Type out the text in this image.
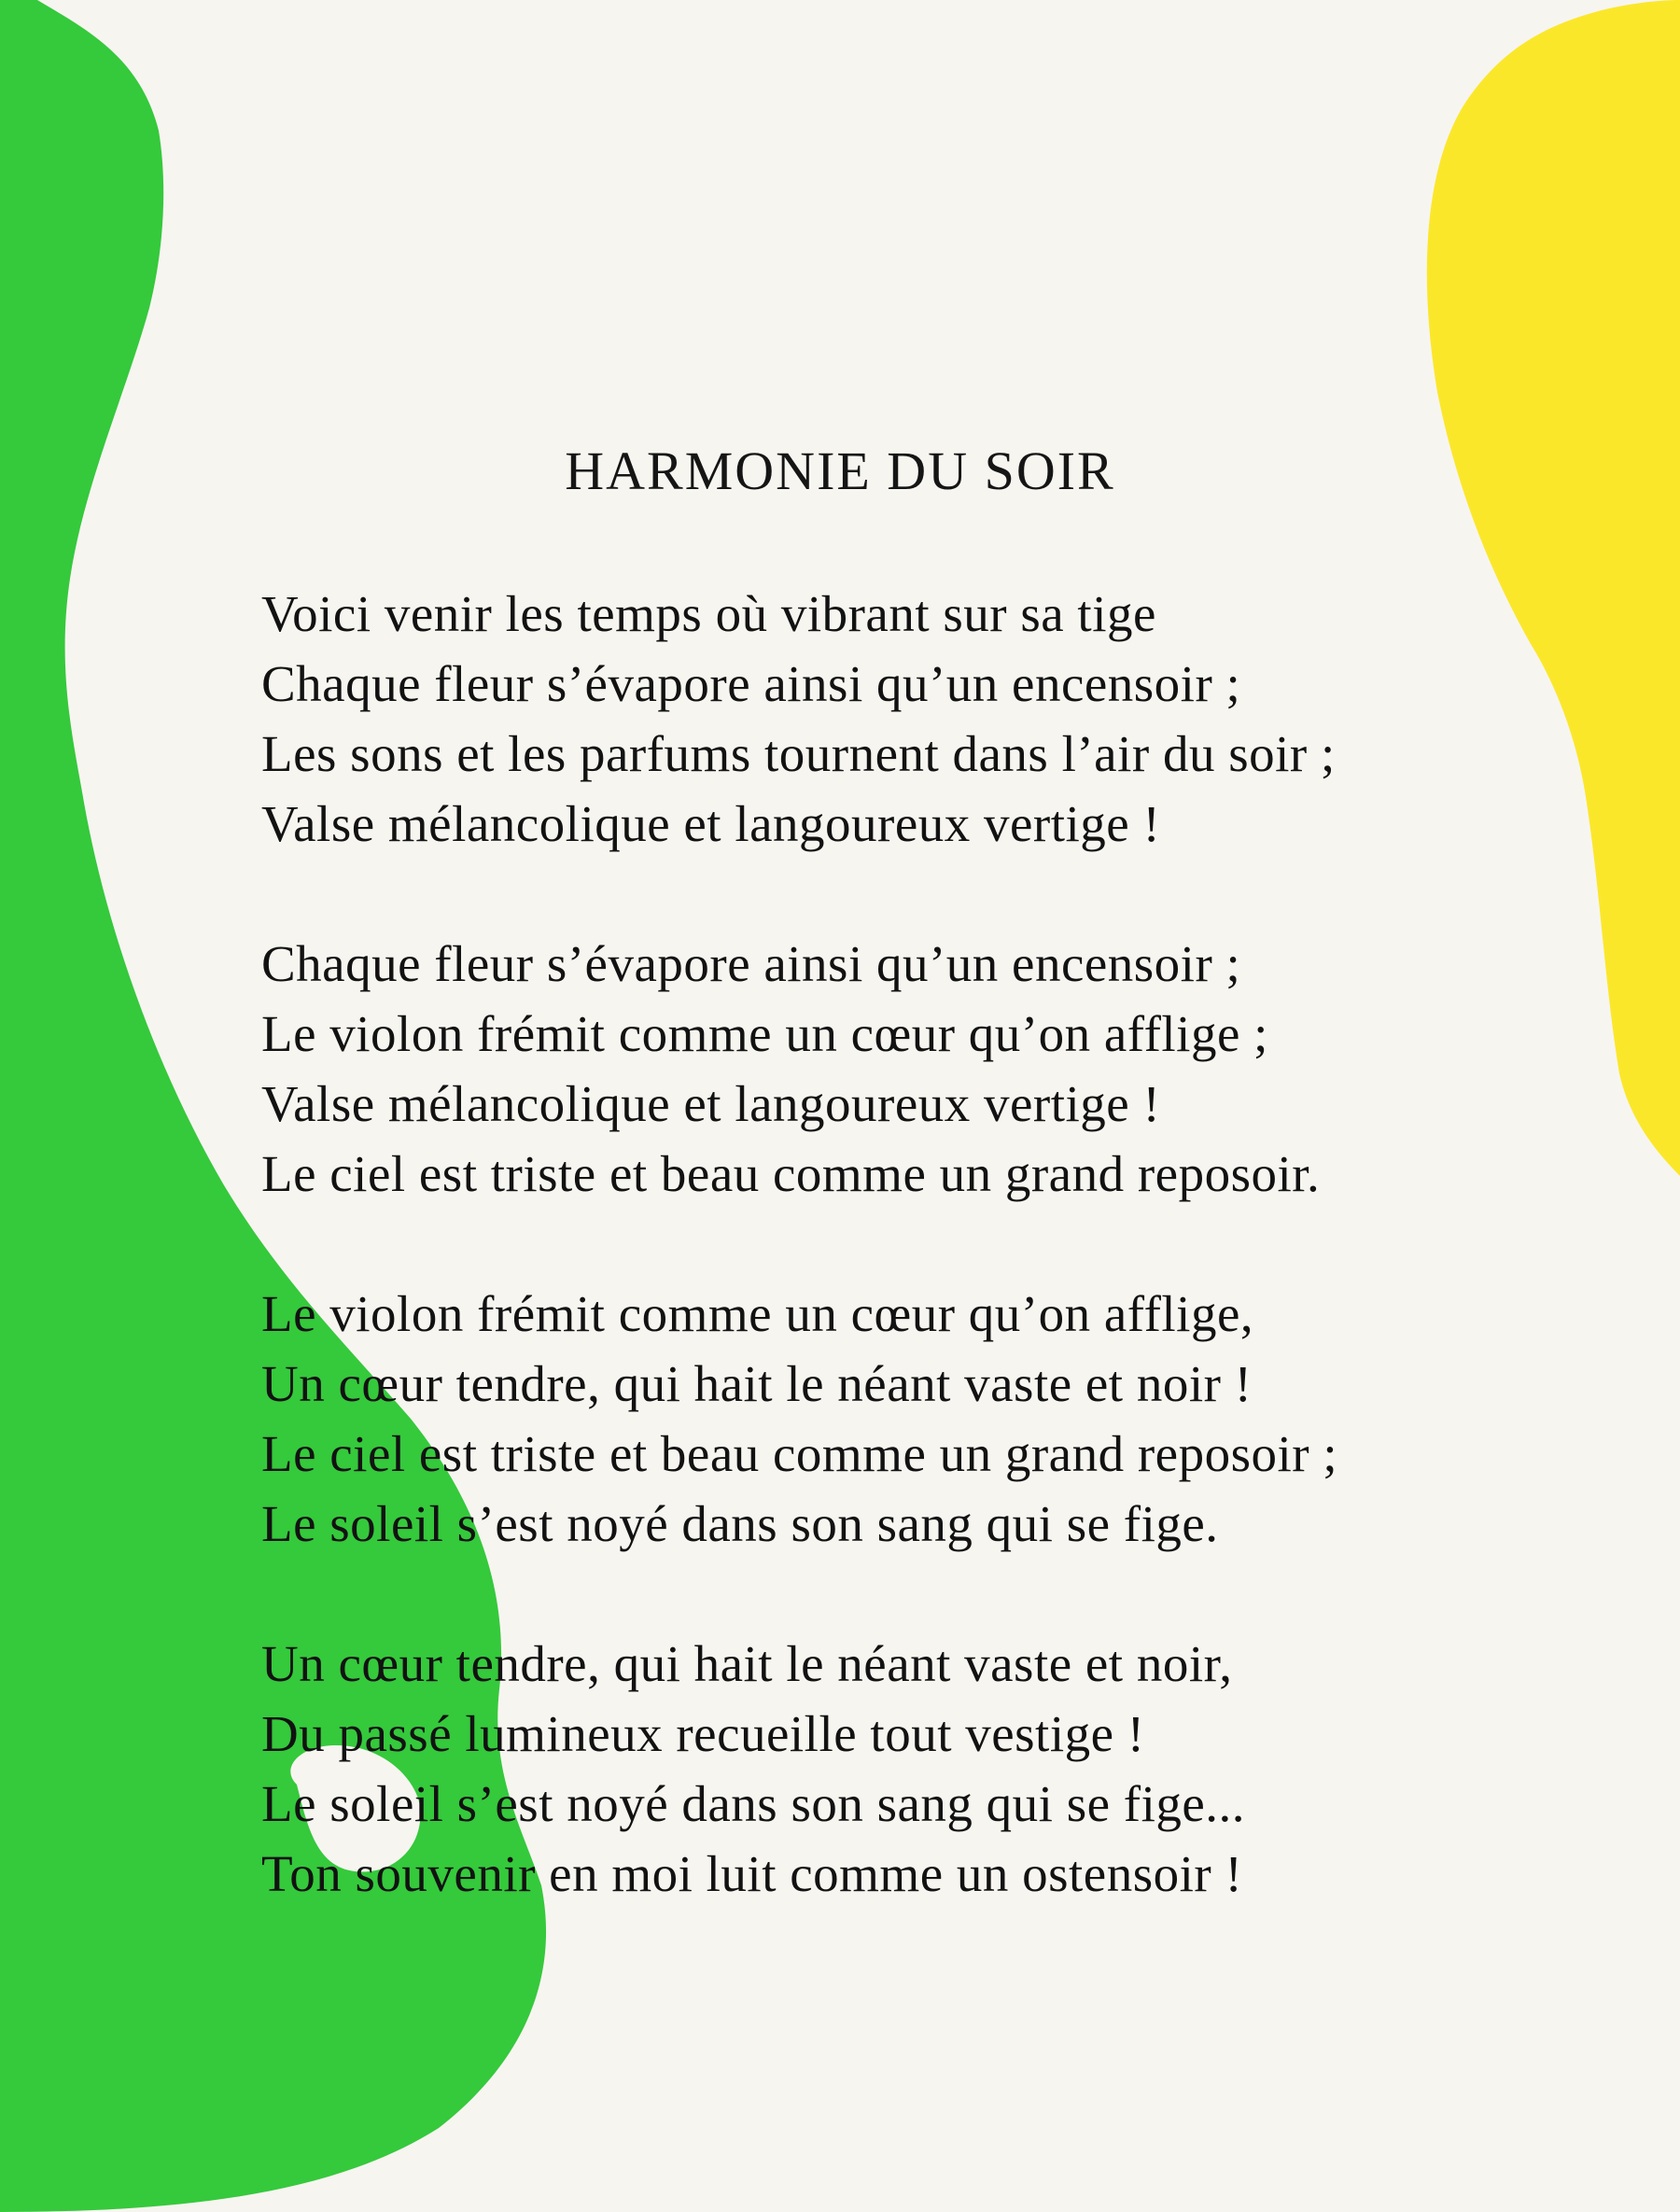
HARMONIE DU SOIR
Voici venir les temps où vibrant sur sa tige
Chaque fleur s’évapore ainsi qu’un encensoir ;
Les sons et les parfums tournent dans l’air du soir ;
Valse mélancolique et langoureux vertige !
Chaque fleur s’évapore ainsi qu’un encensoir ;
Le violon frémit comme un cœur qu’on afflige ;
Valse mélancolique et langoureux vertige !
Le ciel est triste et beau comme un grand reposoir.
Le violon frémit comme un cœur qu’on afflige,
Un cœur tendre, qui hait le néant vaste et noir !
Le ciel est triste et beau comme un grand reposoir ;
Le soleil s’est noyé dans son sang qui se fige.
Un cœur tendre, qui hait le néant vaste et noir,
Du passé lumineux recueille tout vestige !
Le soleil s’est noyé dans son sang qui se fige...
Ton souvenir en moi luit comme un ostensoir !
